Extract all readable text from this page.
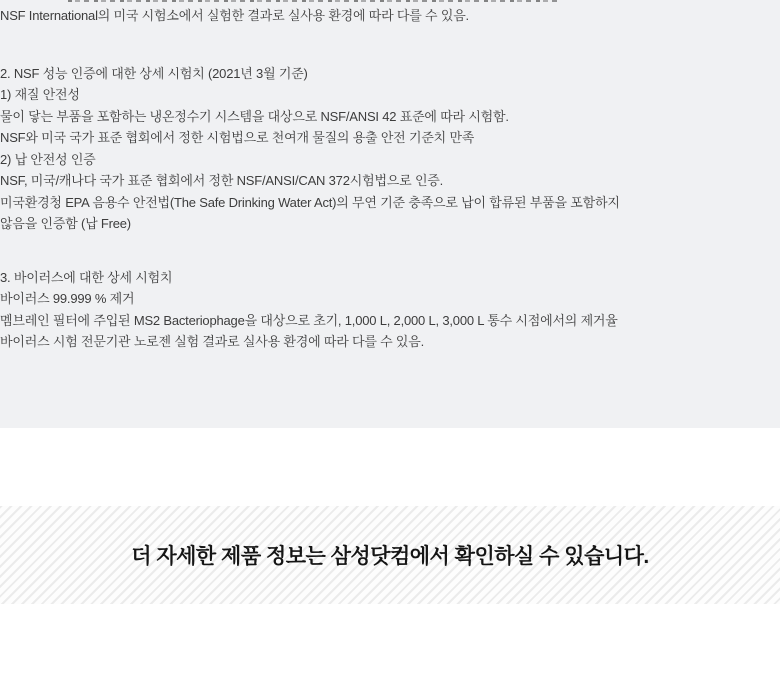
NSF International의 미국 시험소에서 실험한 결과로 실사용 환경에 따라 다를 수 있음.

2. NSF 성능 인증에 대한 상세 시험치 (2021년 3월 기준)

1) 재질 안전성

물이 닿는 부품을 포함하는 냉온정수기 시스템을 대상으로 NSF/ANSI 42 표준에 따라 시험함.

NSF와 미국 국가 표준 협회에서 정한 시험법으로 천여개 물질의 용출 안전 기준치 만족

2) 납 안전성 인증

NSF, 미국/캐나다 국가 표준 협회에서 정한 NSF/ANSI/CAN 372시험법으로 인증.

미국환경청 EPA 음용수 안전법(The Safe Drinking Water Act)의 무연 기준 충족으로 납이 합류된 부품을 포함하지

않음을 인증함 (납 Free)

3. 바이러스에 대한 상세 시험치

바이러스 99.999 % 제거

멤브레인 필터에 주입된 MS2 Bacteriophage을 대상으로 초기, 1,000 L, 2,000 L, 3,000 L 통수 시점에서의 제거율

바이러스 시험 전문기관 노로젠 실험 결과로 실사용 환경에 따라 다를 수 있음.

더 자세한 제품 정보는 삼성닷컴에서 확인하실 수 있습니다.
